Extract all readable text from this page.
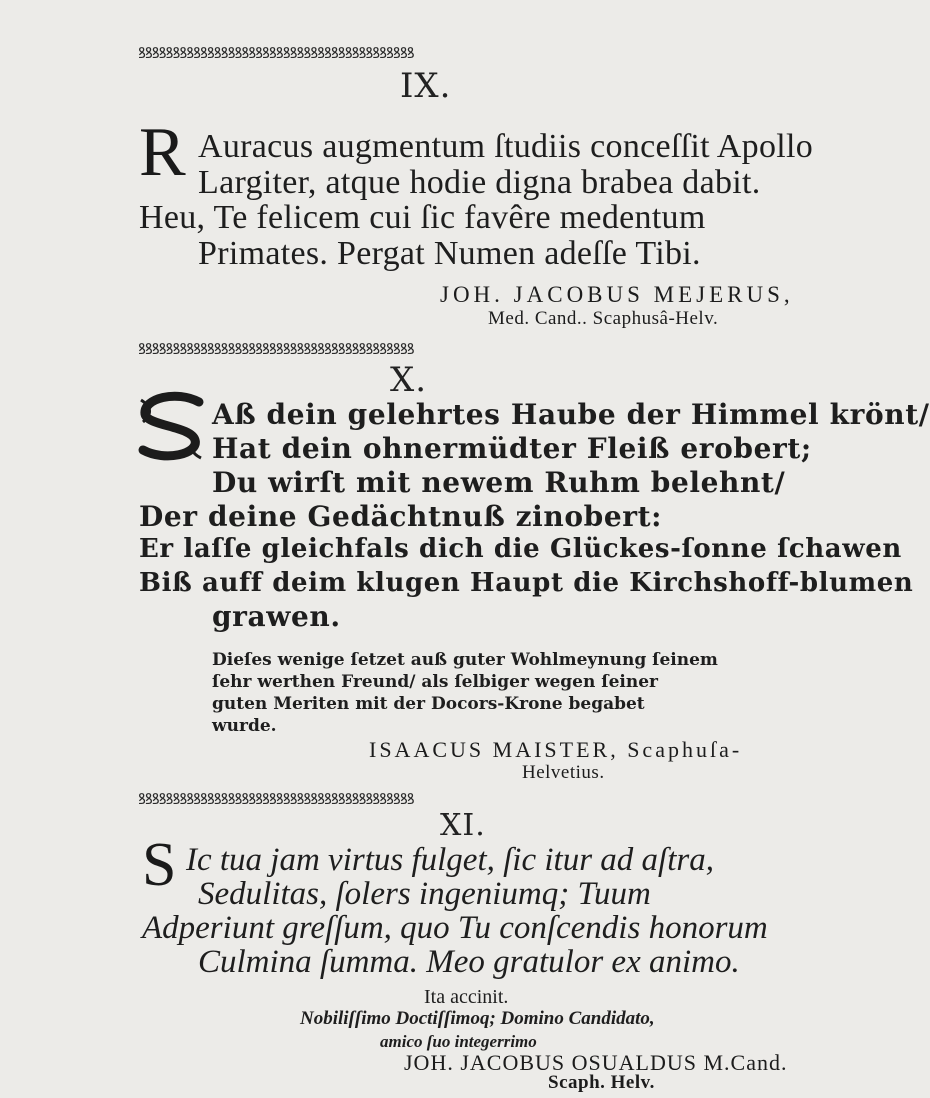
ꝸꝸꝸꝸꝸꝸꝸꝸꝸꝸꝸꝸꝸꝸꝸꝸꝸꝸꝸꝸꝸꝸꝸꝸꝸꝸꝸꝸꝸꝸꝸꝸꝸꝸꝸꝸꝸꝸꝸꝸ
IX.
R Auracus augmentum ſtudiis conceſſit Apollo
Largiter, atque hodie digna brabea dabit.
Heu, Te felicem cui ſic favêre medentum
Primates. Pergat Numen adeſſe Tibi.
JOH. JACOBUS MEJERUS,
Med. Cand.. Scaphusâ-Helv.
ꝸꝸꝸꝸꝸꝸꝸꝸꝸꝸꝸꝸꝸꝸꝸꝸꝸꝸꝸꝸꝸꝸꝸꝸꝸꝸꝸꝸꝸꝸꝸꝸꝸꝸꝸꝸꝸꝸꝸꝸ
X.
Aß dein gelehrtes Haube der Himmel krönt/
Hat dein ohnermüdter Fleiß erobert;
Du wirſt mit newem Ruhm belehnt/
Der deine Gedächtnuß zinobert:
Er laſſe gleichfals dich die Glückes-ſonne ſchawen
Biß auff deim klugen Haupt die Kirchshoff-blumen
grawen.
Dieſes wenige ſetzet auß guter Wohlmeynung ſeinem
ſehr werthen Freund/ als ſelbiger wegen ſeiner
guten Meriten mit der Docors-Krone begabet
wurde.
ISAACUS MAISTER, Scaphuſa-
Helvetius.
ꝸꝸꝸꝸꝸꝸꝸꝸꝸꝸꝸꝸꝸꝸꝸꝸꝸꝸꝸꝸꝸꝸꝸꝸꝸꝸꝸꝸꝸꝸꝸꝸꝸꝸꝸꝸꝸꝸꝸꝸ
XI.
S Ic tua jam virtus fulget, ſic itur ad aſtra,
Sedulitas, ſolers ingeniumq; Tuum
Adperiunt greſſum, quo Tu conſcendis honorum
Culmina ſumma. Meo gratulor ex animo.
Ita accinit.
Nobiliſſimo Doctiſſimoq; Domino Candidato,
amico ſuo integerrimo
JOH. JACOBUS OSUALDUS M.Cand.
Scaph. Helv.
